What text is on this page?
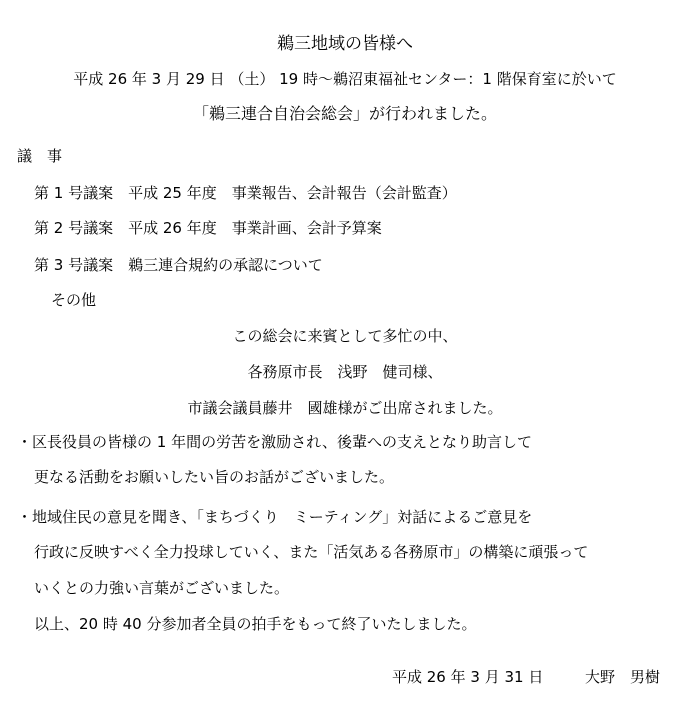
鵜三地域の皆様へ
平成 26 年 3 月 29 日 （土） 19 時～鵜沼東福祉センター：1 階保育室に於いて
「鵜三連合自治会総会」が行われました。
議　事
第 1 号議案　平成 25 年度　事業報告、会計報告（会計監査）
第 2 号議案　平成 26 年度　事業計画、会計予算案
第 3 号議案　鵜三連合規約の承認について
その他
この総会に来賓として多忙の中、
各務原市長　浅野　健司様、
市議会議員藤井　國雄様がご出席されました。
・区長役員の皆様の 1 年間の労苦を激励され、後輩への支えとなり助言して
更なる活動をお願いしたい旨のお話がございました。
・地域住民の意見を聞き、「まちづくり　ミーティング」対話によるご意見を
行政に反映すべく全力投球していく、また「活気ある各務原市」の構築に頑張って
いくとの力強い言葉がございました。
以上、20 時 40 分参加者全員の拍手をもって終了いたしました。
平成 26 年 3 月 31 日	大野　男樹
